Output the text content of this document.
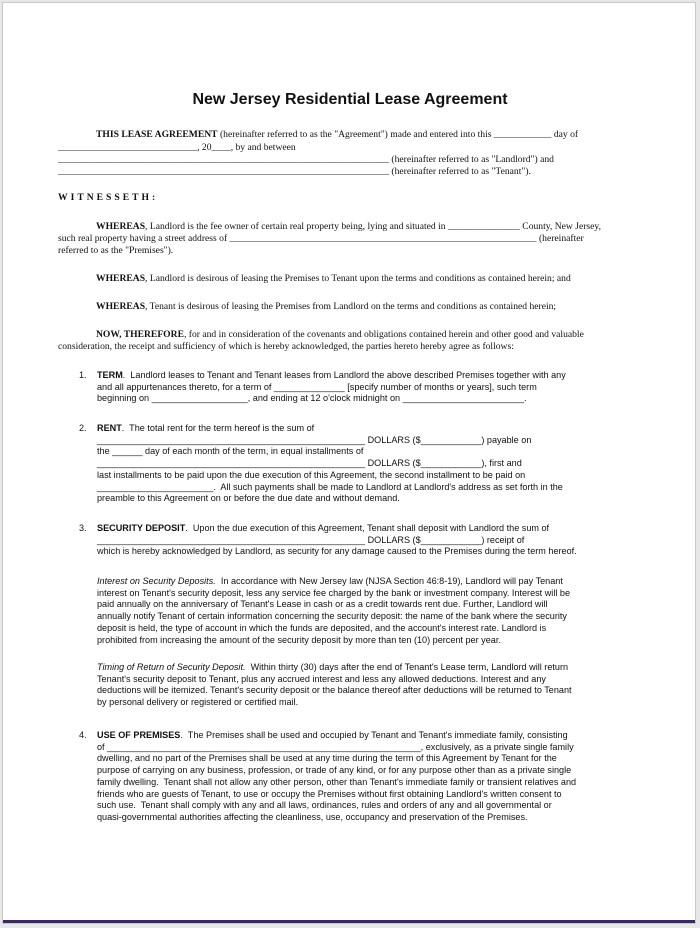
New Jersey Residential Lease Agreement
THIS LEASE AGREEMENT (hereinafter referred to as the "Agreement") made and entered into this ____________ day of
_____________________________, 20____, by and between
_____________________________________________________________________ (hereinafter referred to as "Landlord") and
_____________________________________________________________________ (hereinafter referred to as "Tenant").
WITNESSETH:
WHEREAS, Landlord is the fee owner of certain real property being, lying and situated in _______________ County, New Jersey,
such real property having a street address of ________________________________________________________________ (hereinafter
referred to as the "Premises").
WHEREAS, Landlord is desirous of leasing the Premises to Tenant upon the terms and conditions as contained herein; and
WHEREAS, Tenant is desirous of leasing the Premises from Landlord on the terms and conditions as contained herein;
NOW, THEREFORE, for and in consideration of the covenants and obligations contained herein and other good and valuable
consideration, the receipt and sufficiency of which is hereby acknowledged, the parties hereto hereby agree as follows:
1. TERM.  Landlord leases to Tenant and Tenant leases from Landlord the above described Premises together with any
and all appurtenances thereto, for a term of ______________ [specify number of months or years], such term
beginning on ___________________, and ending at 12 o'clock midnight on ________________________.
2. RENT.  The total rent for the term hereof is the sum of
_____________________________________________________ DOLLARS ($____________) payable on
the ______ day of each month of the term, in equal installments of
_____________________________________________________ DOLLARS ($____________), first and
last installments to be paid upon the due execution of this Agreement, the second installment to be paid on
_______________________.  All such payments shall be made to Landlord at Landlord's address as set forth in the
preamble to this Agreement on or before the due date and without demand.
3. SECURITY DEPOSIT.  Upon the due execution of this Agreement, Tenant shall deposit with Landlord the sum of
_____________________________________________________ DOLLARS ($____________) receipt of
which is hereby acknowledged by Landlord, as security for any damage caused to the Premises during the term hereof.
Interest on Security Deposits.  In accordance with New Jersey law (NJSA Section 46:8-19), Landlord will pay Tenant
interest on Tenant's security deposit, less any service fee charged by the bank or investment company. Interest will be
paid annually on the anniversary of Tenant's Lease in cash or as a credit towards rent due. Further, Landlord will
annually notify Tenant of certain information concerning the security deposit: the name of the bank where the security
deposit is held, the type of account in which the funds are deposited, and the account's interest rate. Landlord is
prohibited from increasing the amount of the security deposit by more than ten (10) percent per year.
Timing of Return of Security Deposit.  Within thirty (30) days after the end of Tenant's Lease term, Landlord will return
Tenant's security deposit to Tenant, plus any accrued interest and less any allowed deductions. Interest and any
deductions will be itemized. Tenant's security deposit or the balance thereof after deductions will be returned to Tenant
by personal delivery or registered or certified mail.
4. USE OF PREMISES.  The Premises shall be used and occupied by Tenant and Tenant's immediate family, consisting
of ______________________________________________________________, exclusively, as a private single family
dwelling, and no part of the Premises shall be used at any time during the term of this Agreement by Tenant for the
purpose of carrying on any business, profession, or trade of any kind, or for any purpose other than as a private single
family dwelling.  Tenant shall not allow any other person, other than Tenant's immediate family or transient relatives and
friends who are guests of Tenant, to use or occupy the Premises without first obtaining Landlord's written consent to
such use.  Tenant shall comply with any and all laws, ordinances, rules and orders of any and all governmental or
quasi-governmental authorities affecting the cleanliness, use, occupancy and preservation of the Premises.
